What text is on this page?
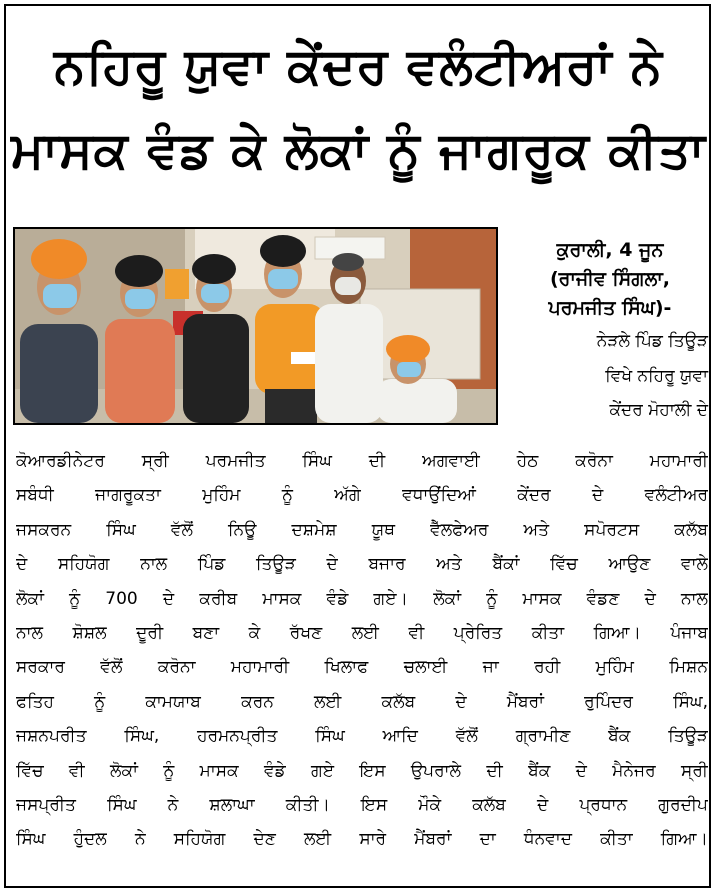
ਨਹਿਰੂ ਯੁਵਾ ਕੇਂਦਰ ਵਲੰਟੀਅਰਾਂ ਨੇ
ਮਾਸਕ ਵੰਡ ਕੇ ਲੋਕਾਂ ਨੂੰ ਜਾਗਰੂਕ ਕੀਤਾ
ਕੁਰਾਲੀ, 4 ਜੂਨ
(ਰਾਜੀਵ ਸਿੰਗਲਾ,
ਪਰਮਜੀਤ ਸਿੰਘ)-
ਨੇੜਲੇ ਪਿੰਡ ਤਿਊੜ
ਵਿਖੇ ਨਹਿਰੂ ਯੁਵਾ
ਕੇਂਦਰ ਮੋਹਾਲੀ ਦੇ
ਕੋਆਰਡੀਨੇਟਰ ਸ੍ਰੀ ਪਰਮਜੀਤ ਸਿੰਘ ਦੀ ਅਗਵਾਈ ਹੇਠ ਕਰੋਨਾ ਮਹਾਮਾਰੀ
ਸਬੰਧੀ ਜਾਗਰੂਕਤਾ ਮੁਹਿੰਮ ਨੂੰ ਅੱਗੇ ਵਧਾਉਂਦਿਆਂ ਕੇਂਦਰ ਦੇ ਵਲੰਟੀਅਰ
ਜਸਕਰਨ ਸਿੰਘ ਵੱਲੋਂ ਨਿਊ ਦਸ਼ਮੇਸ਼ ਯੂਥ ਵੈੱਲਫੇਅਰ ਅਤੇ ਸਪੋਰਟਸ ਕਲੱਬ
ਦੇ ਸਹਿਯੋਗ ਨਾਲ ਪਿੰਡ ਤਿਊੜ ਦੇ ਬਜਾਰ ਅਤੇ ਬੈਂਕਾਂ ਵਿੱਚ ਆਉਣ ਵਾਲੇ
ਲੋਕਾਂ ਨੂੰ 700 ਦੇ ਕਰੀਬ ਮਾਸਕ ਵੰਡੇ ਗਏ। ਲੋਕਾਂ ਨੂੰ ਮਾਸਕ ਵੰਡਣ ਦੇ ਨਾਲ
ਨਾਲ ਸ਼ੋਸ਼ਲ ਦੂਰੀ ਬਣਾ ਕੇ ਰੱਖਣ ਲਈ ਵੀ ਪ੍ਰੇਰਿਤ ਕੀਤਾ ਗਿਆ। ਪੰਜਾਬ
ਸਰਕਾਰ ਵੱਲੋਂ ਕਰੋਨਾ ਮਹਾਮਾਰੀ ਖਿਲਾਫ ਚਲਾਈ ਜਾ ਰਹੀ ਮੁਹਿੰਮ ਮਿਸ਼ਨ
ਫਤਿਹ ਨੂੰ ਕਾਮਯਾਬ ਕਰਨ ਲਈ ਕਲੱਬ ਦੇ ਮੈਂਬਰਾਂ ਰੁਪਿੰਦਰ ਸਿੰਘ,
ਜਸ਼ਨਪਰੀਤ ਸਿੰਘ, ਹਰਮਨਪ੍ਰੀਤ ਸਿੰਘ ਆਦਿ ਵੱਲੋਂ ਗ੍ਰਾਮੀਣ ਬੈਂਕ ਤਿਊੜ
ਵਿੱਚ ਵੀ ਲੋਕਾਂ ਨੂੰ ਮਾਸਕ ਵੰਡੇ ਗਏ ਇਸ ਉਪਰਾਲੇ ਦੀ ਬੈਂਕ ਦੇ ਮੈਨੇਜਰ ਸ੍ਰੀ
ਜਸਪ੍ਰੀਤ ਸਿੰਘ ਨੇ ਸ਼ਲਾਘਾ ਕੀਤੀ। ਇਸ ਮੌਕੇ ਕਲੱਬ ਦੇ ਪ੍ਰਧਾਨ ਗੁਰਦੀਪ
ਸਿੰਘ ਹੁੰਦਲ ਨੇ ਸਹਿਯੋਗ ਦੇਣ ਲਈ ਸਾਰੇ ਮੈਂਬਰਾਂ ਦਾ ਧੰਨਵਾਦ ਕੀਤਾ ਗਿਆ।
